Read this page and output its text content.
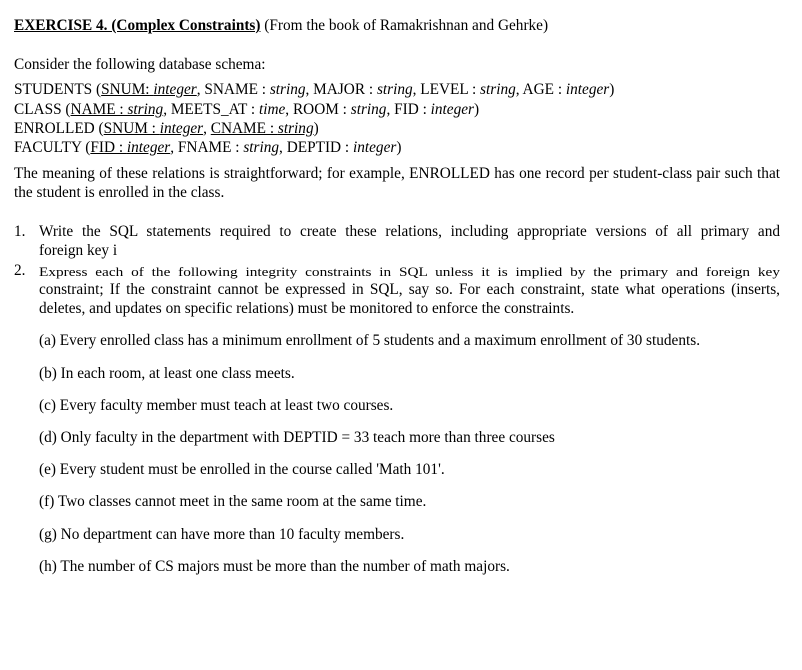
EXERCISE 4. (Complex Constraints) (From the book of Ramakrishnan and Gehrke)
Consider the following database schema:
STUDENTS (SNUM: integer, SNAME : string, MAJOR : string, LEVEL : string, AGE : integer)
CLASS (NAME : string, MEETS_AT : time, ROOM : string, FID : integer)
ENROLLED (SNUM : integer, CNAME : string)
FACULTY (FID : integer, FNAME : string, DEPTID : integer)
The meaning of these relations is straightforward; for example, ENROLLED has one record per student-class pair such that the student is enrolled in the class.
1. Write the SQL statements required to create these relations, including appropriate versions of all primary and
foreign key i
2. Express each of the following integrity constraints in SQL unless it is implied by the primary and foreign key
constraint; If the constraint cannot be expressed in SQL, say so. For each constraint, state what operations (inserts, deletes, and updates on specific relations) must be monitored to enforce the constraints.
(a) Every enrolled class has a minimum enrollment of 5 students and a maximum enrollment of 30 students.
(b) In each room, at least one class meets.
(c) Every faculty member must teach at least two courses.
(d) Only faculty in the department with DEPTID = 33 teach more than three courses
(e) Every student must be enrolled in the course called 'Math 101'.
(f) Two classes cannot meet in the same room at the same time.
(g) No department can have more than 10 faculty members.
(h) The number of CS majors must be more than the number of math majors.
